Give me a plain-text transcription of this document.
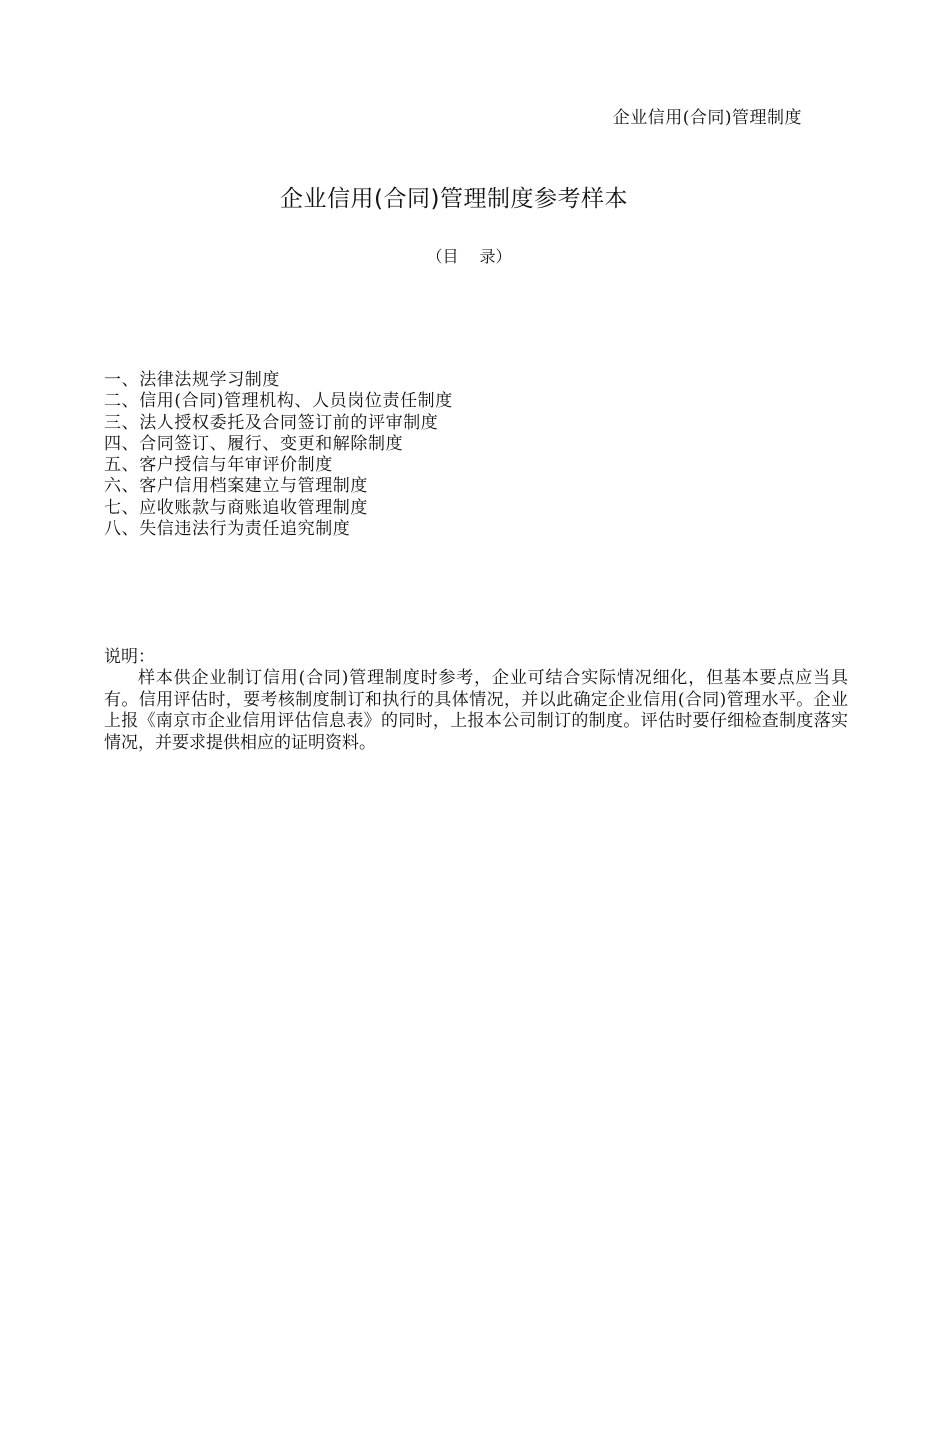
企业信用(合同)管理制度
企业信用(合同)管理制度参考样本
（目　 录）
一、法律法规学习制度
二、信用(合同)管理机构、人员岗位责任制度
三、法人授权委托及合同签订前的评审制度
四、合同签订、履行、变更和解除制度
五、客户授信与年审评价制度
六、客户信用档案建立与管理制度
七、应收账款与商账追收管理制度
八、失信违法行为责任追究制度
说明：

样本供企业制订信用(合同)管理制度时参考，企业可结合实际情况细化，但基本要点应当具有。信用评估时，要考核制度制订和执行的具体情况，并以此确定企业信用(合同)管理水平。企业上报《南京市企业信用评估信息表》的同时，上报本公司制订的制度。评估时要仔细检查制度落实情况，并要求提供相应的证明资料。
